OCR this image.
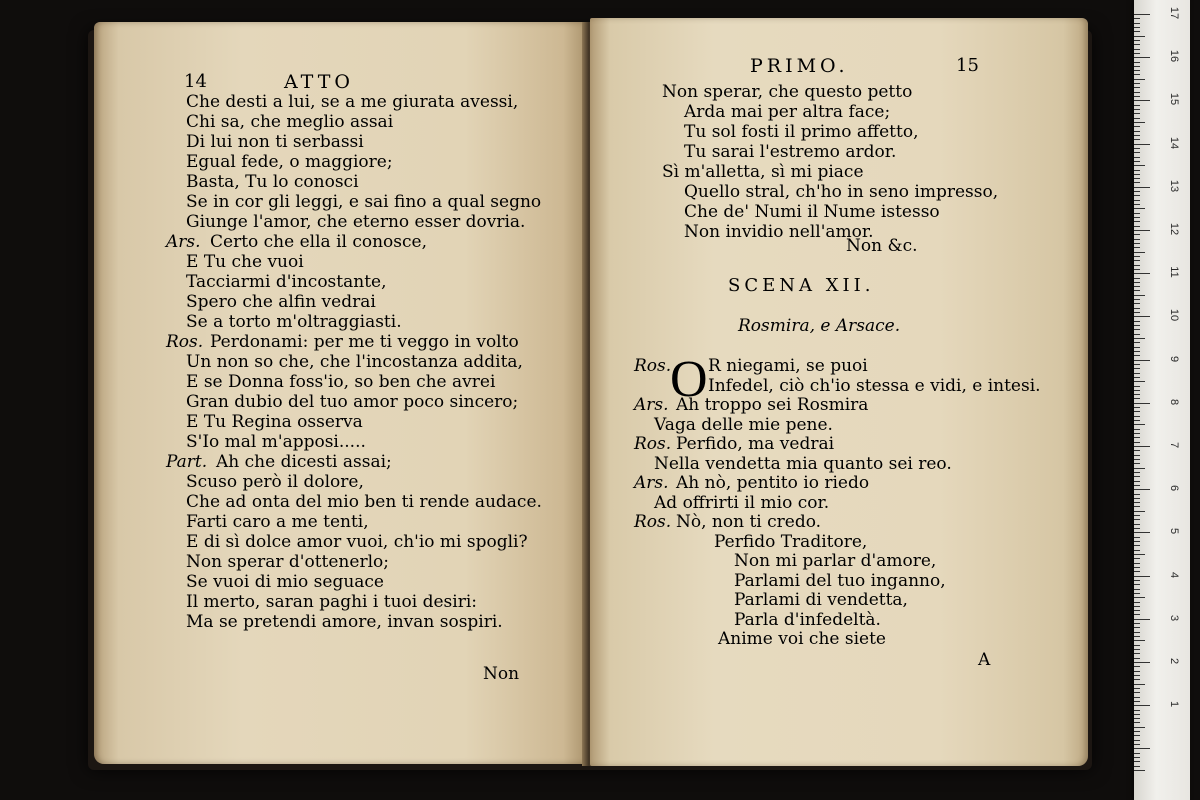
14	ATTO
Che desti a lui, se a me giurata avessi,
Chi sa, che meglio assai
Di lui non ti serbassi
Egual fede, o maggiore;
Basta, Tu lo conosci
Se in cor gli leggi, e sai fino a qual segno
Giunge l'amor, che eterno esser dovria.
Ars. Certo che ella il conosce,
E Tu che vuoi
Tacciarmi d'incostante,
Spero che alfin vedrai
Se a torto m'oltraggiasti.
Ros. Perdonami: per me ti veggo in volto
Un non so che, che l'incostanza addita,
E se Donna foss'io, so ben che avrei
Gran dubio del tuo amor poco sincero;
E Tu Regina osserva
S'Io mal m'apposi.....
Part. Ah che dicesti assai;
Scuso però il dolore,
Che ad onta del mio ben ti rende audace.
Farti caro a me tenti,
E di sì dolce amor vuoi, ch'io mi spogli?
Non sperar d'ottenerlo;
Se vuoi di mio seguace
Il merto, saran paghi i tuoi desiri:
Ma se pretendi amore, invan sospiri.
Non
PRIMO.	15
Non sperar, che questo petto
Arda mai per altra face;
Tu sol fosti il primo affetto,
Tu sarai l'estremo ardor.
Sì m'alletta, sì mi piace
Quello stral, ch'ho in seno impresso,
Che de' Numi il Nume istesso
Non invidio nell'amor.
Non &c.
SCENA XII.
Rosmira, e Arsace.
O
Ros. R niegami, se puoi
Infedel, ciò ch'io stessa e vidi, e intesi.
Ars. Ah troppo sei Rosmira
Vaga delle mie pene.
Ros. Perfido, ma vedrai
Nella vendetta mia quanto sei reo.
Ars. Ah nò, pentito io riedo
Ad offrirti il mio cor.
Ros. Nò, non ti credo.
Perfido Traditore,
Non mi parlar d'amore,
Parlami del tuo inganno,
Parlami di vendetta,
Parla d'infedeltà.
Anime voi che siete
A
17
16
15
14
13
12
11
10
9
8
7
6
5
4
3
2
1
